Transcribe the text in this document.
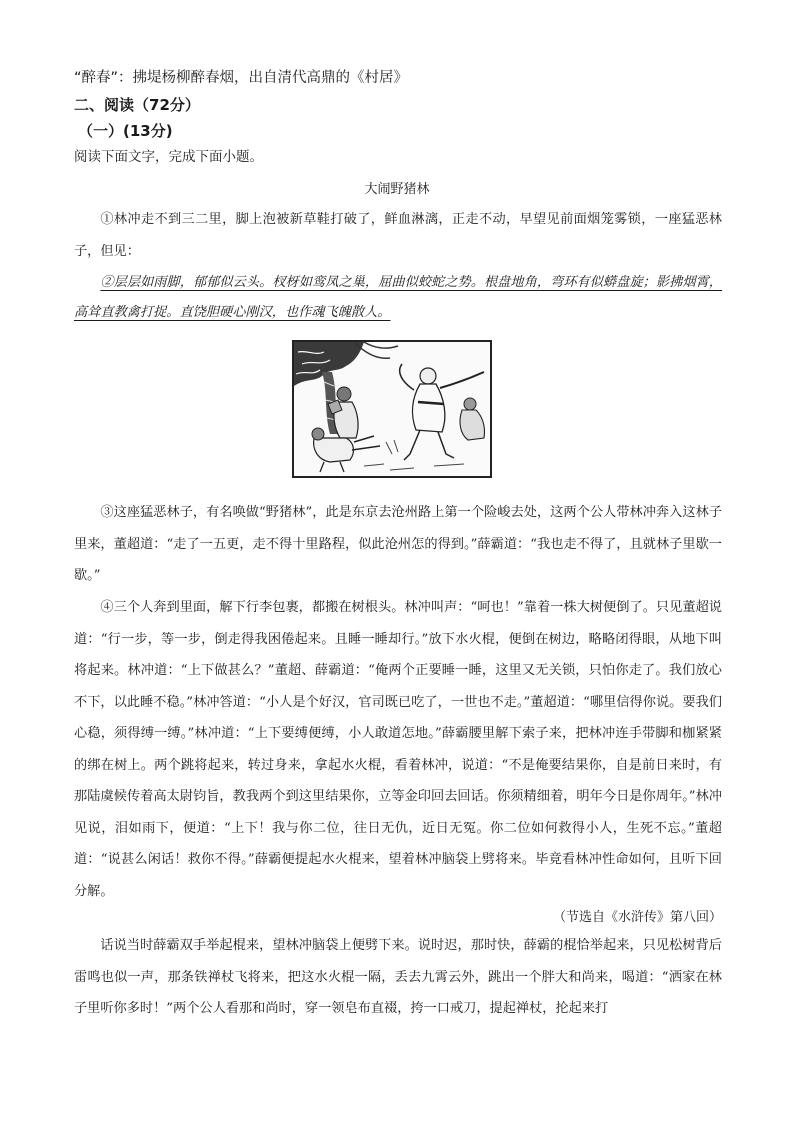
“醉春”：拂堤杨柳醉春烟，出自清代高鼎的《村居》
二、阅读（72分）
（一）(13分)
阅读下面文字，完成下面小题。
大闹野猪林

①林冲走不到三二里，脚上泡被新草鞋打破了，鲜血淋漓，正走不动，早望见前面烟笼雾锁，一座猛恶林子，但见：

②层层如雨脚，郁郁似云头。杈枒如鸾凤之巢，屈曲似蛟蛇之势。根盘地角，弯环有似蟒盘旋；影拂烟霄，高耸直教禽打捉。直饶胆硬心刚汉，也作魂飞魄散人。

③这座猛恶林子，有名唤做“野猪林”，此是东京去沧州路上第一个险峻去处，这两个公人带林冲奔入这林子里来，董超道：“走了一五更，走不得十里路程，似此沧州怎的得到。”薛霸道：“我也走不得了，且就林子里歇一歇。”

④三个人奔到里面，解下行李包裹，都搬在树根头。林冲叫声：“呵也！”靠着一株大树便倒了。只见董超说道：“行一步，等一步，倒走得我困倦起来。且睡一睡却行。”放下水火棍，便倒在树边，略略闭得眼，从地下叫将起来。林冲道：“上下做甚么？”董超、薛霸道：“俺两个正要睡一睡，这里又无关锁，只怕你走了。我们放心不下，以此睡不稳。”林冲答道：“小人是个好汉，官司既已吃了，一世也不走。”董超道：“哪里信得你说。要我们心稳，须得缚一缚。”林冲道：“上下要缚便缚，小人敢道怎地。”薛霸腰里解下索子来，把林冲连手带脚和枷紧紧的绑在树上。两个跳将起来，转过身来，拿起水火棍，看着林冲，说道：“不是俺要结果你，自是前日来时，有那陆虞候传着高太尉钧旨，教我两个到这里结果你，立等金印回去回话。你须精细着，明年今日是你周年。”林冲见说，泪如雨下，便道：“上下！我与你二位，往日无仇，近日无冤。你二位如何救得小人，生死不忘。”董超道：“说甚么闲话！救你不得。”薛霸便提起水火棍来，望着林冲脑袋上劈将来。毕竟看林冲性命如何，且听下回分解。

（节选自《水浒传》第八回）

话说当时薛霸双手举起棍来，望林冲脑袋上便劈下来。说时迟，那时快，薛霸的棍恰举起来，只见松树背后雷鸣也似一声，那条铁禅杖飞将来，把这水火棍一隔，丢去九霄云外，跳出一个胖大和尚来，喝道：“洒家在林子里听你多时！”两个公人看那和尚时，穿一领皂布直裰，挎一口戒刀，提起禅杖，抡起来打
